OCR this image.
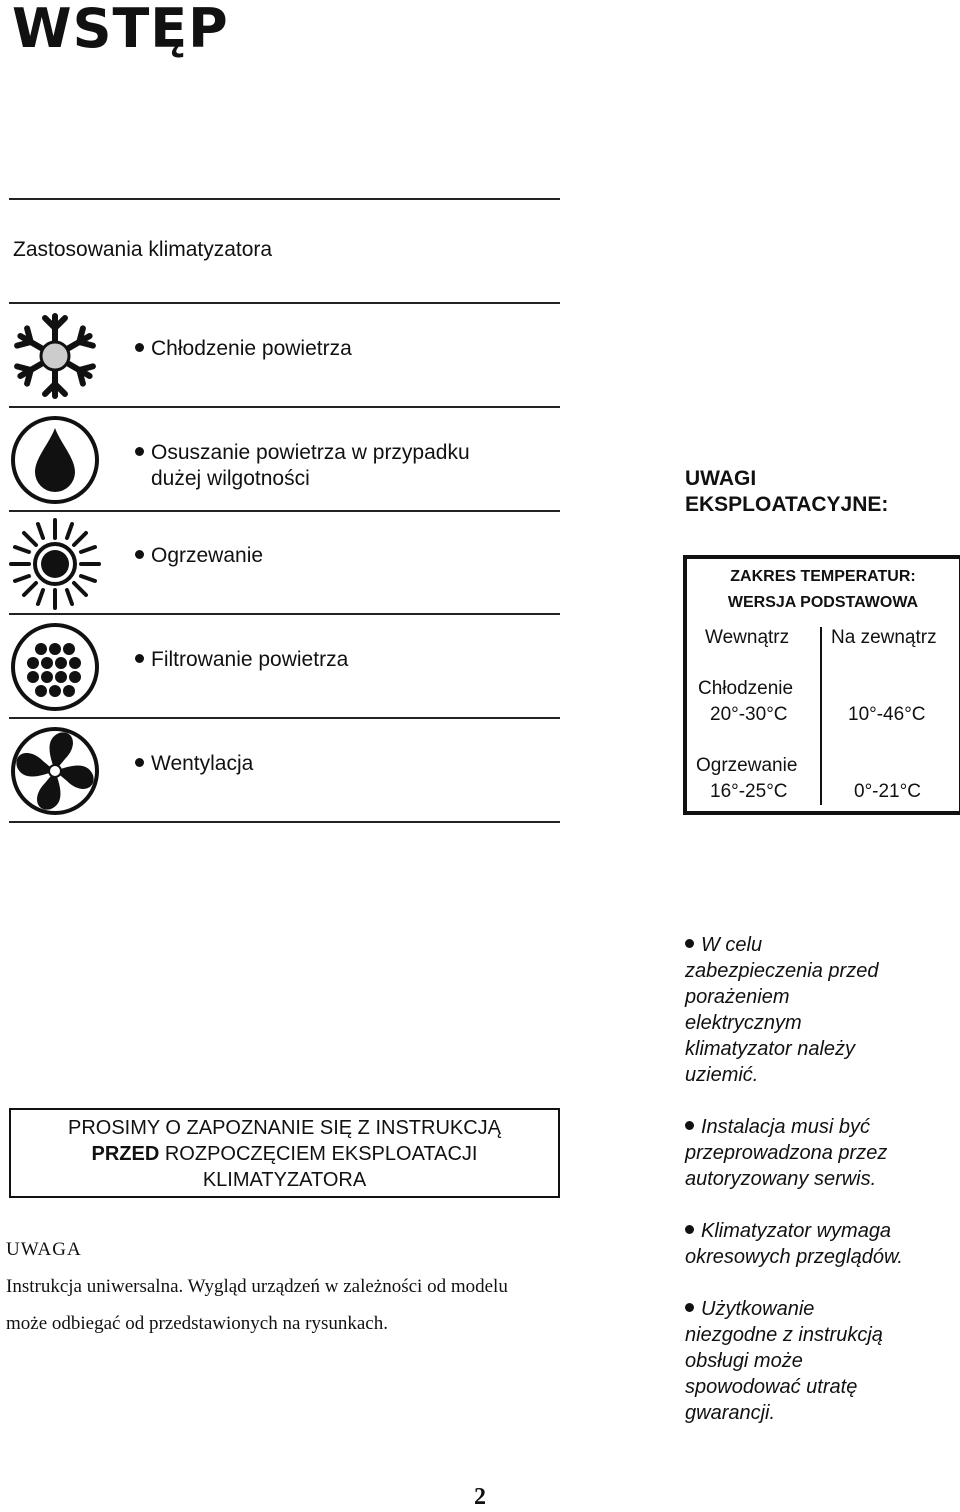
WSTĘP
Zastosowania klimatyzatora
Chłodzenie powietrza
Osuszanie powietrza w przypadku
dużej wilgotności
Ogrzewanie
Filtrowanie powietrza
Wentylacja
UWAGI
EKSPLOATACYJNE:
ZAKRES TEMPERATUR:
WERSJA PODSTAWOWA
Wewnątrz Na zewnątrz
Chłodzenie
20°-30°C	10°-46°C
Ogrzewanie
16°-25°C	0°-21°C
W celu
zabezpieczenia przed
porażeniem
elektrycznym
klimatyzator należy
uziemić.
Instalacja musi być
przeprowadzona przez
autoryzowany serwis.
Klimatyzator wymaga
okresowych przeglądów.
Użytkowanie
niezgodne z instrukcją
obsługi może
spowodować utratę
gwarancji.
PROSIMY O ZAPOZNANIE SIĘ Z INSTRUKCJĄ
PRZED ROZPOCZĘCIEM EKSPLOATACJI
KLIMATYZATORA
UWAGA
Instrukcja uniwersalna. Wygląd urządzeń w zależności od modelu
może odbiegać od przedstawionych na rysunkach.
2
